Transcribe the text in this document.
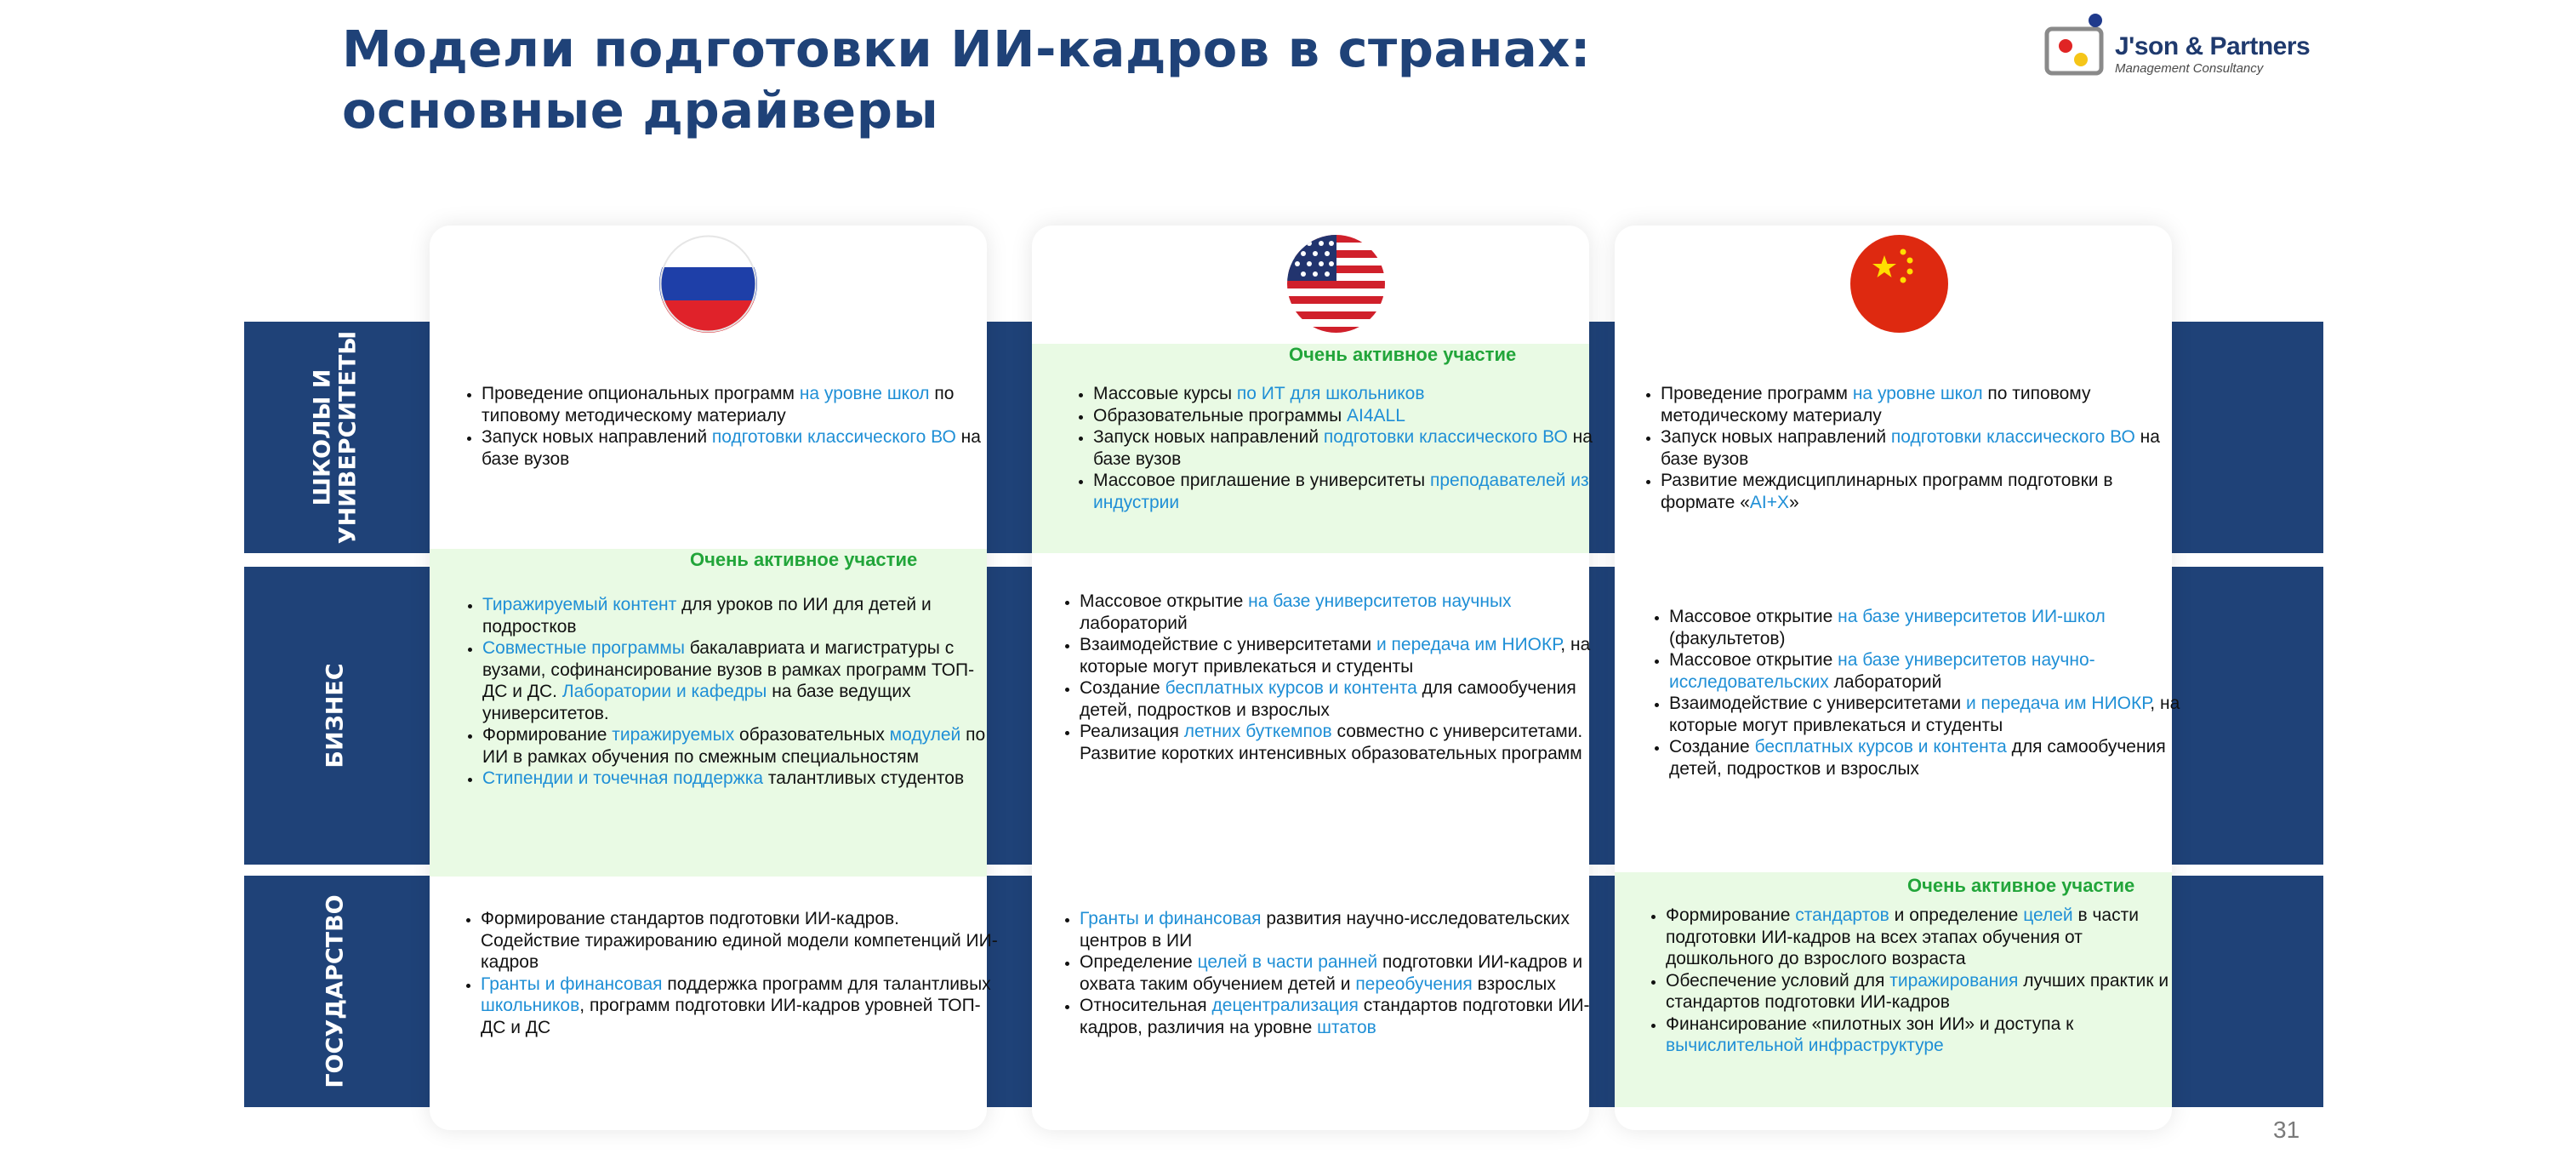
Модели подготовки ИИ-кадров в странах:
основные драйверы
J'son & Partners
Management Consultancy
ШКОЛЫ И
УНИВЕРСИТЕТЫ
БИЗНЕС
ГОСУДАРСТВО
• Проведение опциональных программ на уровне школ по типовому методическому материалу
• Запуск новых направлений подготовки классического ВО на базе вузов
Очень активное участие
• Массовые курсы по ИТ для школьников
• Образовательные программы AI4ALL
• Запуск новых направлений подготовки классического ВО на базе вузов
• Массовое приглашение в университеты преподавателей из индустрии
• Проведение программ на уровне школ по типовому методическому материалу
• Запуск новых направлений подготовки классического ВО на базе вузов
• Развитие междисциплинарных программ подготовки в формате «AI+X»
Очень активное участие
• Тиражируемый контент для уроков по ИИ для детей и подростков
• Совместные программы бакалавриата и магистратуры с вузами, софинансирование вузов в рамках программ ТОП-ДС и ДС. Лаборатории и кафедры на базе ведущих университетов.
• Формирование тиражируемых образовательных модулей по ИИ в рамках обучения по смежным специальностям
• Стипендии и точечная поддержка талантливых студентов
• Массовое открытие на базе университетов научных лабораторий
• Взаимодействие с университетами и передача им НИОКР, на которые могут привлекаться и студенты
• Создание бесплатных курсов и контента для самообучения детей, подростков и взрослых
• Реализация летних буткемпов совместно с университетами. Развитие коротких интенсивных образовательных программ
• Массовое открытие на базе университетов ИИ-школ (факультетов)
• Массовое открытие на базе университетов научно-исследовательских лабораторий
• Взаимодействие с университетами и передача им НИОКР, на которые могут привлекаться и студенты
• Создание бесплатных курсов и контента для самообучения детей, подростков и взрослых
• Формирование стандартов подготовки ИИ-кадров. Содействие тиражированию единой модели компетенций ИИ-кадров
• Гранты и финансовая поддержка программ для талантливых школьников, программ подготовки ИИ-кадров уровней ТОП-ДС и ДС
• Гранты и финансовая развития научно-исследовательских центров в ИИ
• Определение целей в части ранней подготовки ИИ-кадров и охвата таким обучением детей и переобучения взрослых
• Относительная децентрализация стандартов подготовки ИИ-кадров, различия на уровне штатов
Очень активное участие
• Формирование стандартов и определение целей в части подготовки ИИ-кадров на всех этапах обучения от дошкольного до взрослого возраста
• Обеспечение условий для тиражирования лучших практик и стандартов подготовки ИИ-кадров
• Финансирование «пилотных зон ИИ» и доступа к вычислительной инфраструктуре
31
